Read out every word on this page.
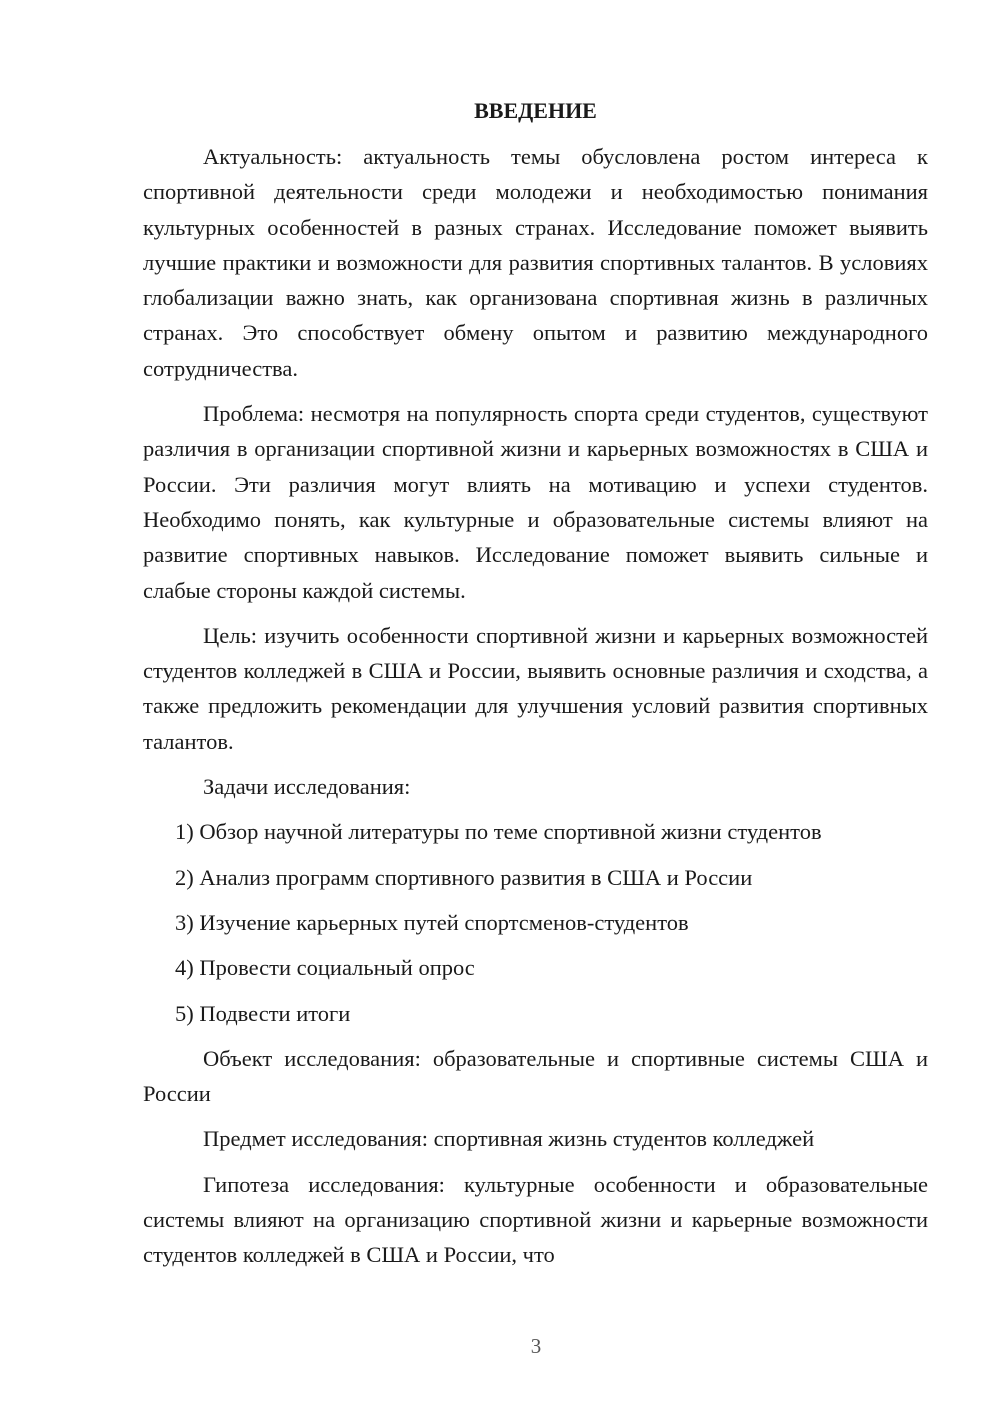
ВВЕДЕНИЕ

Актуальность: актуальность темы обусловлена ростом интереса к спортивной деятельности среди молодежи и необходимостью понимания культурных особенностей в разных странах. Исследование поможет выявить лучшие практики и возможности для развития спортивных талантов. В условиях глобализации важно знать, как организована спортивная жизнь в различных странах. Это способствует обмену опытом и развитию международного сотрудничества.

Проблема: несмотря на популярность спорта среди студентов, существуют различия в организации спортивной жизни и карьерных возможностях в США и России. Эти различия могут влиять на мотивацию и успехи студентов. Необходимо понять, как культурные и образовательные системы влияют на развитие спортивных навыков. Исследование поможет выявить сильные и слабые стороны каждой системы.

Цель: изучить особенности спортивной жизни и карьерных возможностей студентов колледжей в США и России, выявить основные различия и сходства, а также предложить рекомендации для улучшения условий развития спортивных талантов.

Задачи исследования:

1) Обзор научной литературы по теме спортивной жизни студентов
2) Анализ программ спортивного развития в США и России
3) Изучение карьерных путей спортсменов-студентов
4) Провести социальный опрос
5) Подвести итоги

Объект исследования: образовательные и спортивные системы США и России

Предмет исследования: спортивная жизнь студентов колледжей

Гипотеза исследования: культурные особенности и образовательные системы влияют на организацию спортивной жизни и карьерные возможности студентов колледжей в США и России, что

3
